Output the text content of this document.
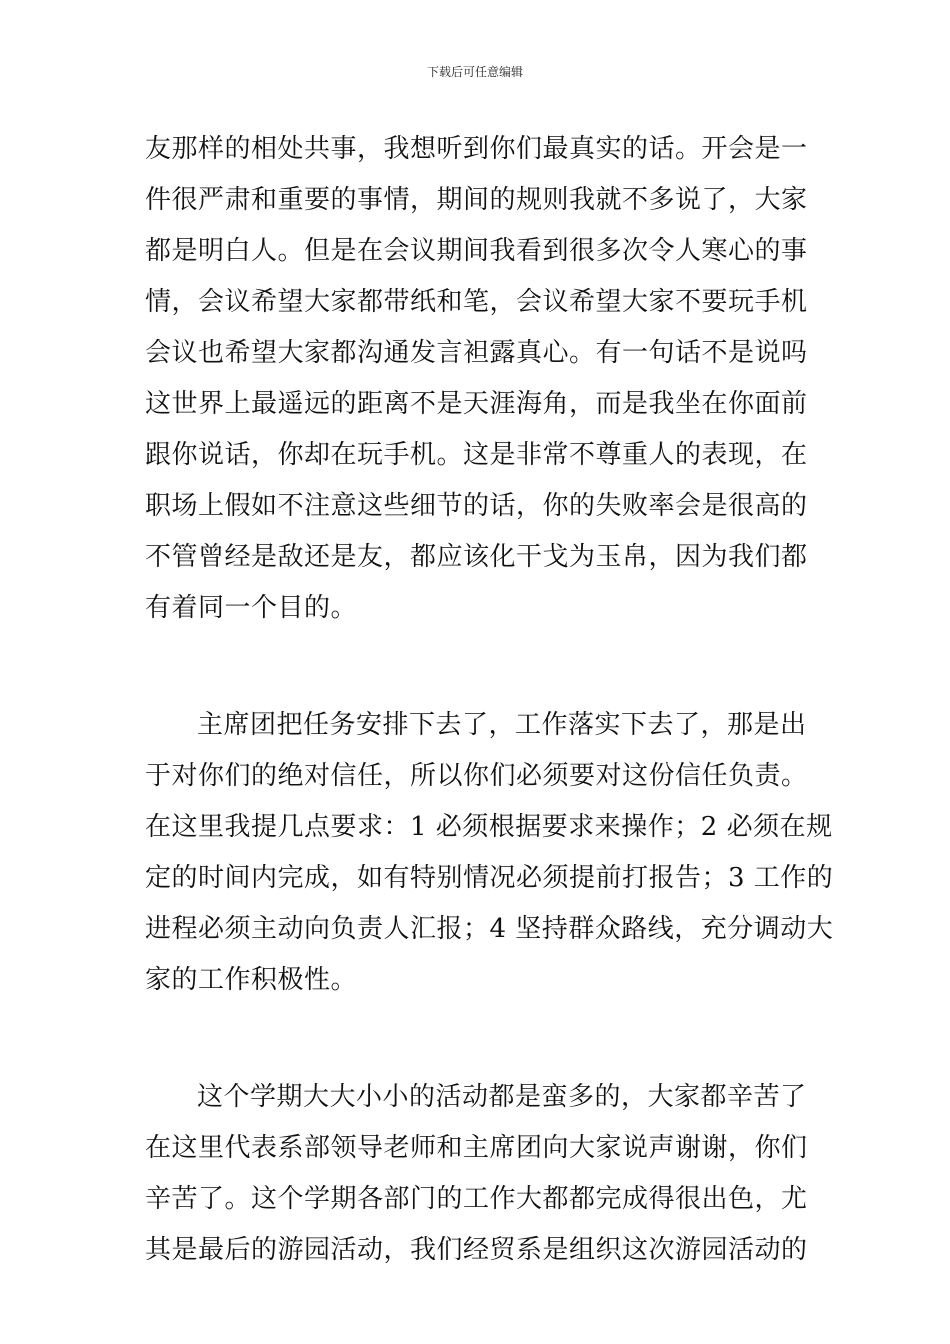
下载后可任意编辑
友那样的相处共事，我想听到你们最真实的话。开会是一
件很严肃和重要的事情，期间的规则我就不多说了，大家
都是明白人。但是在会议期间我看到很多次令人寒心的事
情，会议希望大家都带纸和笔，会议希望大家不要玩手机
会议也希望大家都沟通发言袒露真心。有一句话不是说吗
这世界上最遥远的距离不是天涯海角，而是我坐在你面前
跟你说话，你却在玩手机。这是非常不尊重人的表现，在
职场上假如不注意这些细节的话，你的失败率会是很高的
不管曾经是敌还是友，都应该化干戈为玉帛，因为我们都
有着同一个目的。
主席团把任务安排下去了，工作落实下去了，那是出
于对你们的绝对信任，所以你们必须要对这份信任负责。
在这里我提几点要求：1 必须根据要求来操作；2 必须在规
定的时间内完成，如有特别情况必须提前打报告；3 工作的
进程必须主动向负责人汇报；4 坚持群众路线，充分调动大
家的工作积极性。
这个学期大大小小的活动都是蛮多的，大家都辛苦了
在这里代表系部领导老师和主席团向大家说声谢谢，你们
辛苦了。这个学期各部门的工作大都都完成得很出色，尤
其是最后的游园活动，我们经贸系是组织这次游园活动的
